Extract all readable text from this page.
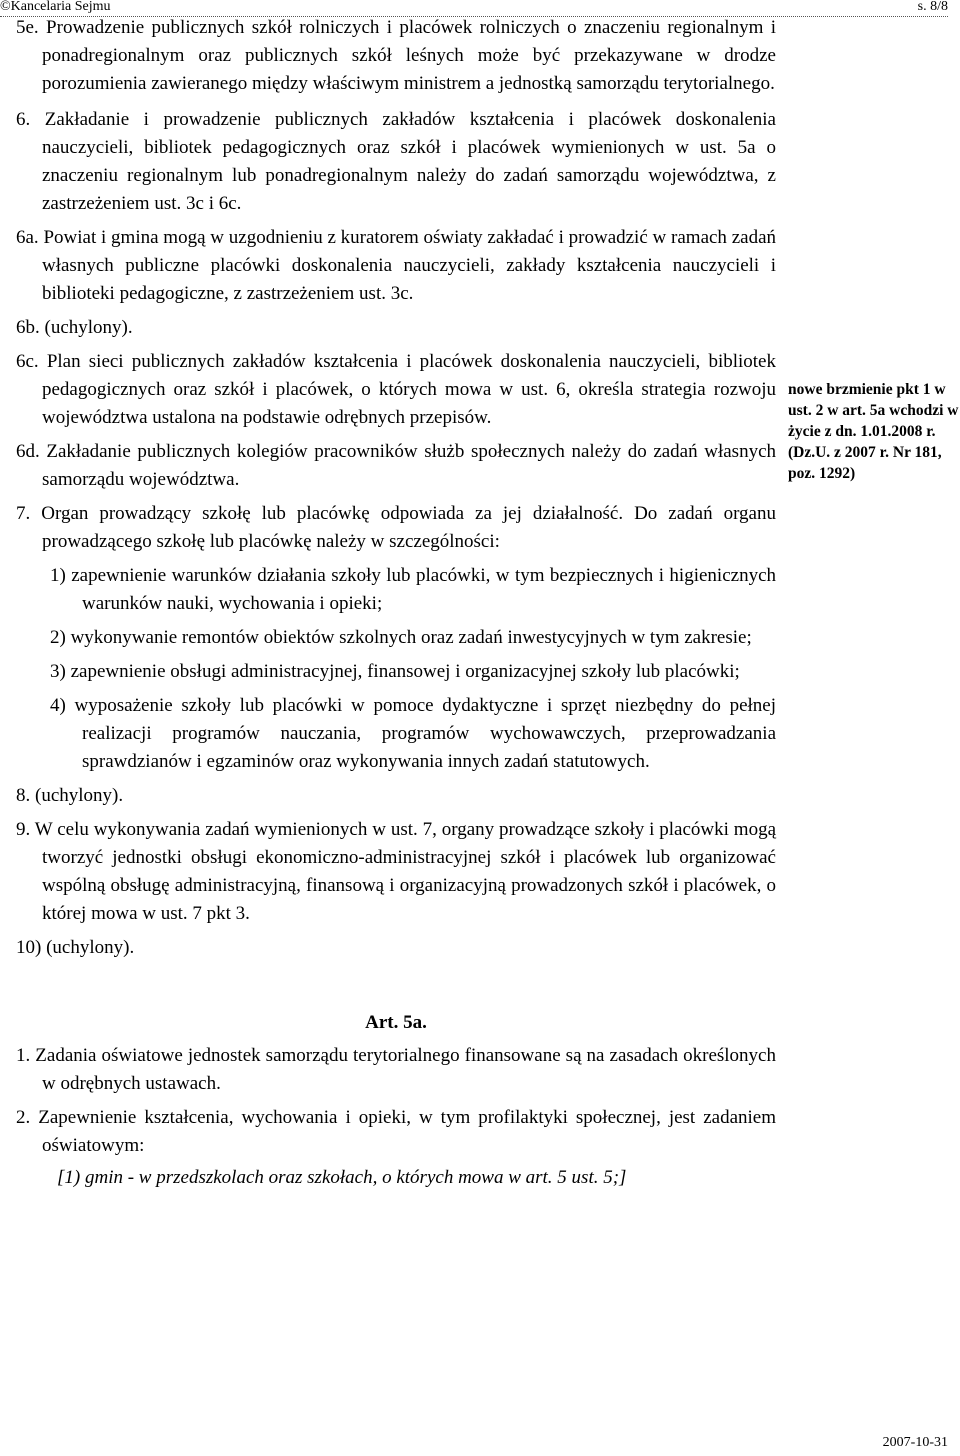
©Kancelaria Sejmu	s. 8/8

5e. Prowadzenie publicznych szkół rolniczych i placówek rolniczych o znaczeniu regionalnym i ponadregionalnym oraz publicznych szkół leśnych może być przekazywane w drodze porozumienia zawieranego między właściwym ministrem a jednostką samorządu terytorialnego.

6. Zakładanie i prowadzenie publicznych zakładów kształcenia i placówek doskonalenia nauczycieli, bibliotek pedagogicznych oraz szkół i placówek wymienionych w ust. 5a o znaczeniu regionalnym lub ponadregionalnym należy do zadań samorządu województwa, z zastrzeżeniem ust. 3c i 6c.

6a. Powiat i gmina mogą w uzgodnieniu z kuratorem oświaty zakładać i prowadzić w ramach zadań własnych publiczne placówki doskonalenia nauczycieli, zakłady kształcenia nauczycieli i biblioteki pedagogiczne, z zastrzeżeniem ust. 3c.

6b. (uchylony).

6c. Plan sieci publicznych zakładów kształcenia i placówek doskonalenia nauczycieli, bibliotek pedagogicznych oraz szkół i placówek, o których mowa w ust. 6, określa strategia rozwoju województwa ustalona na podstawie odrębnych przepisów.

6d. Zakładanie publicznych kolegiów pracowników służb społecznych należy do zadań własnych samorządu województwa.

7. Organ prowadzący szkołę lub placówkę odpowiada za jej działalność. Do zadań organu prowadzącego szkołę lub placówkę należy w szczególności:

1) zapewnienie warunków działania szkoły lub placówki, w tym bezpiecznych i higienicznych warunków nauki, wychowania i opieki;

2) wykonywanie remontów obiektów szkolnych oraz zadań inwestycyjnych w tym zakresie;

3) zapewnienie obsługi administracyjnej, finansowej i organizacyjnej szkoły lub placówki;

4) wyposażenie szkoły lub placówki w pomoce dydaktyczne i sprzęt niezbędny do pełnej realizacji programów nauczania, programów wychowawczych, przeprowadzania sprawdzianów i egzaminów oraz wykonywania innych zadań statutowych.

8. (uchylony).

9. W celu wykonywania zadań wymienionych w ust. 7, organy prowadzące szkoły i placówki mogą tworzyć jednostki obsługi ekonomiczno-administracyjnej szkół i placówek lub organizować wspólną obsługę administracyjną, finansową i organizacyjną prowadzonych szkół i placówek, o której mowa w ust. 7 pkt 3.

10) (uchylony).

Art. 5a.

1. Zadania oświatowe jednostek samorządu terytorialnego finansowane są na zasadach określonych w odrębnych ustawach.

2. Zapewnienie kształcenia, wychowania i opieki, w tym profilaktyki społecznej, jest zadaniem oświatowym:

[1) gmin - w przedszkolach oraz szkołach, o których mowa w art. 5 ust. 5;]

nowe brzmienie pkt 1 w ust. 2 w art. 5a wchodzi w życie z dn. 1.01.2008 r. (Dz.U. z 2007 r. Nr 181, poz. 1292)
2007-10-31
